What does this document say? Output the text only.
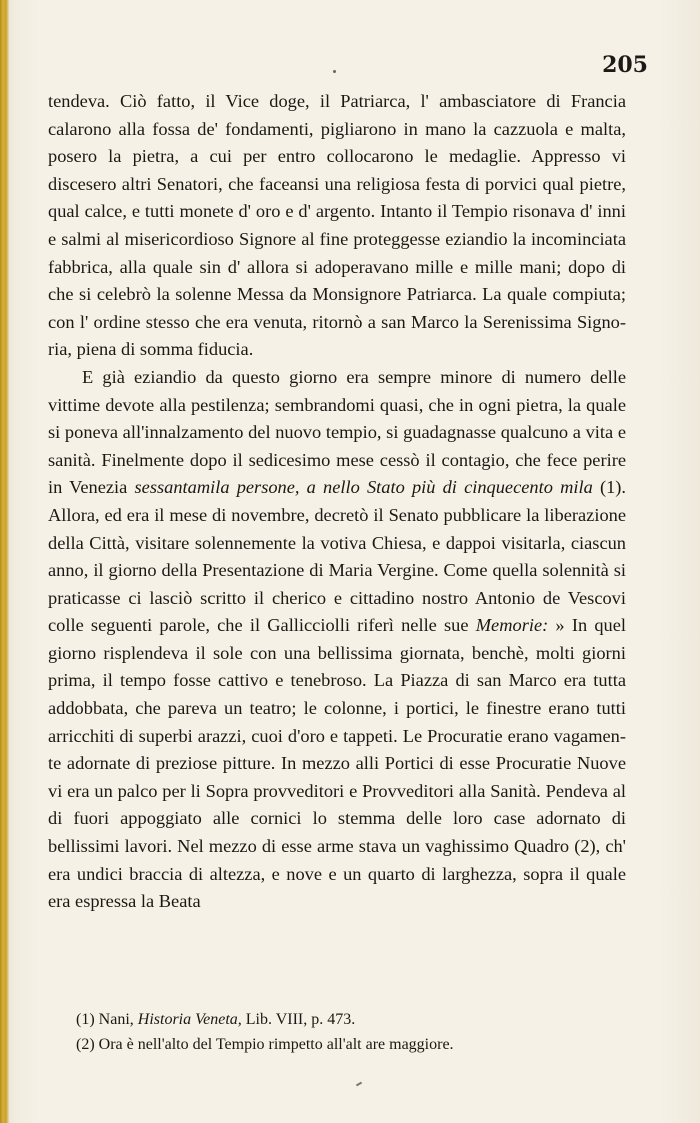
205

tendeva. Ciò fatto, il Vice doge, il Patriarca, l' ambasciatore di Francia calarono alla fossa de' fondamenti, pigliarono in mano la cazzuola e malta, posero la pietra, a cui per entro collocarono le medaglie. Appresso vi discesero altri Senatori, che faceansi una religiosa festa di porvici qual pietre, qual calce, e tutti monete d' oro e d' argento. Intanto il Tempio risonava d' inni e salmi al misericordioso Signore al fine proteggesse eziandio la incominciata fabbrica, alla quale sin d' allora si adoperavano mille e mille mani; dopo di che si celebrò la solenne Messa da Monsignore Patriarca. La quale compiuta; con l' ordine stesso che era venuta, ritornò a san Marco la Serenissima Signoria, piena di somma fiducia.

E già eziandio da questo giorno era sempre minore di numero delle vittime devote alla pestilenza; sembrandomi quasi, che in ogni pietra, la quale si poneva all'innalzamento del nuovo tempio, si guadagnasse qualcuno a vita e sanità. Finelmente dopo il sedicesimo mese cessò il contagio, che fece perire in Venezia sessantamila persone, a nello Stato più di cinquecento mila (1). Allora, ed era il mese di novembre, decretò il Senato pubblicare la liberazione della Città, visitare solennemente la votiva Chiesa, e dappoi visitarla, ciascun anno, il giorno della Presentazione di Maria Vergine. Come quella solennità si praticasse ci lasciò scritto il cherico e cittadino nostro Antonio de Vescovi colle seguenti parole, che il Gallicciolli riferì nelle sue Memorie: » In quel giorno risplendeva il sole con una bellissima giornata, benchè, molti giorni prima, il tempo fosse cattivo e tenebroso. La Piazza di san Marco era tutta addobbata, che pareva un teatro; le colonne, i portici, le finestre erano tutti arricchiti di superbi arazzi, cuoi d'oro e tappeti. Le Procuratie erano vagamente adornate di preziose pitture. In mezzo alli Portici di esse Procuratie Nuove vi era un palco per li Sopra provveditori e Provveditori alla Sanità. Pendeva al di fuori appoggiato alle cornici lo stemma delle loro case adornato di bellissimi lavori. Nel mezzo di esse arme stava un vaghissimo Quadro (2), ch' era undici braccia di altezza, e nove e un quarto di larghezza, sopra il quale era espressa la Beata

(1) Nani, Historia Veneta, Lib. VIII, p. 473.
(2) Ora è nell'alto del Tempio rimpetto all'alt are maggiore.
